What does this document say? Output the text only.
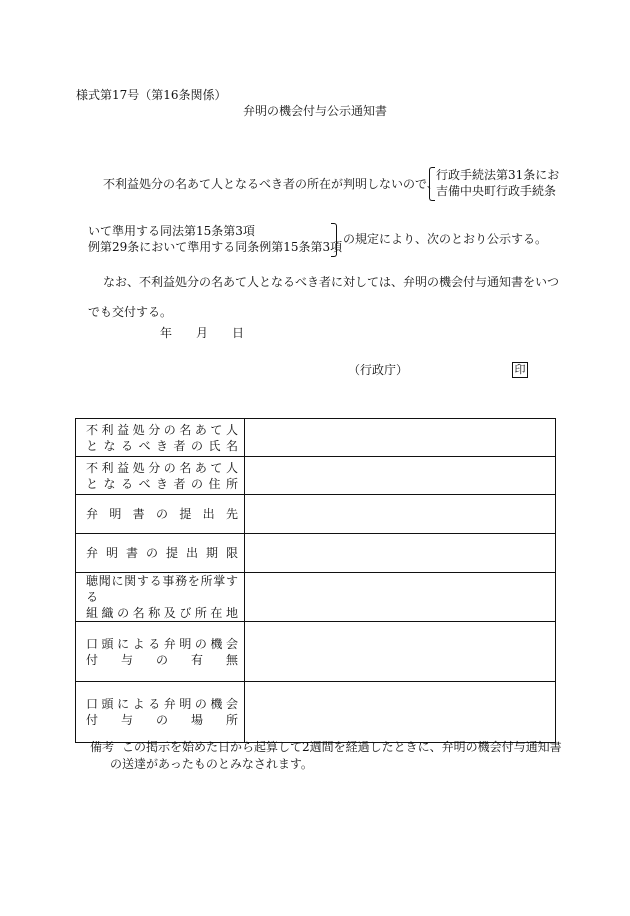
様式第17号（第16条関係）
弁明の機会付与公示通知書
不利益処分の名あて人となるべき者の所在が判明しないので、
行政手続法第31条にお
吉備中央町行政手続条
いて準用する同法第15条第3項
例第29条において準用する同条例第15条第3項
の規定により、次のとおり公示する。
なお、不利益処分の名あて人となるべき者に対しては、弁明の機会付与通知書をいつ
でも交付する。
年 月 日
（行政庁）	印
不利益処分の名あて人
となるべき者の氏名	

不利益処分の名あて人
となるべき者の住所	

弁明書の提出先	

弁明書の提出期限	

聴聞に関する事務を所掌する
組織の名称及び所在地	

口頭による弁明の機会
付与の有無	

口頭による弁明の機会
付与の場所	

備考 この掲示を始めた日から起算して2週間を経過したときに、弁明の機会付与通知書
の送達があったものとみなされます。
